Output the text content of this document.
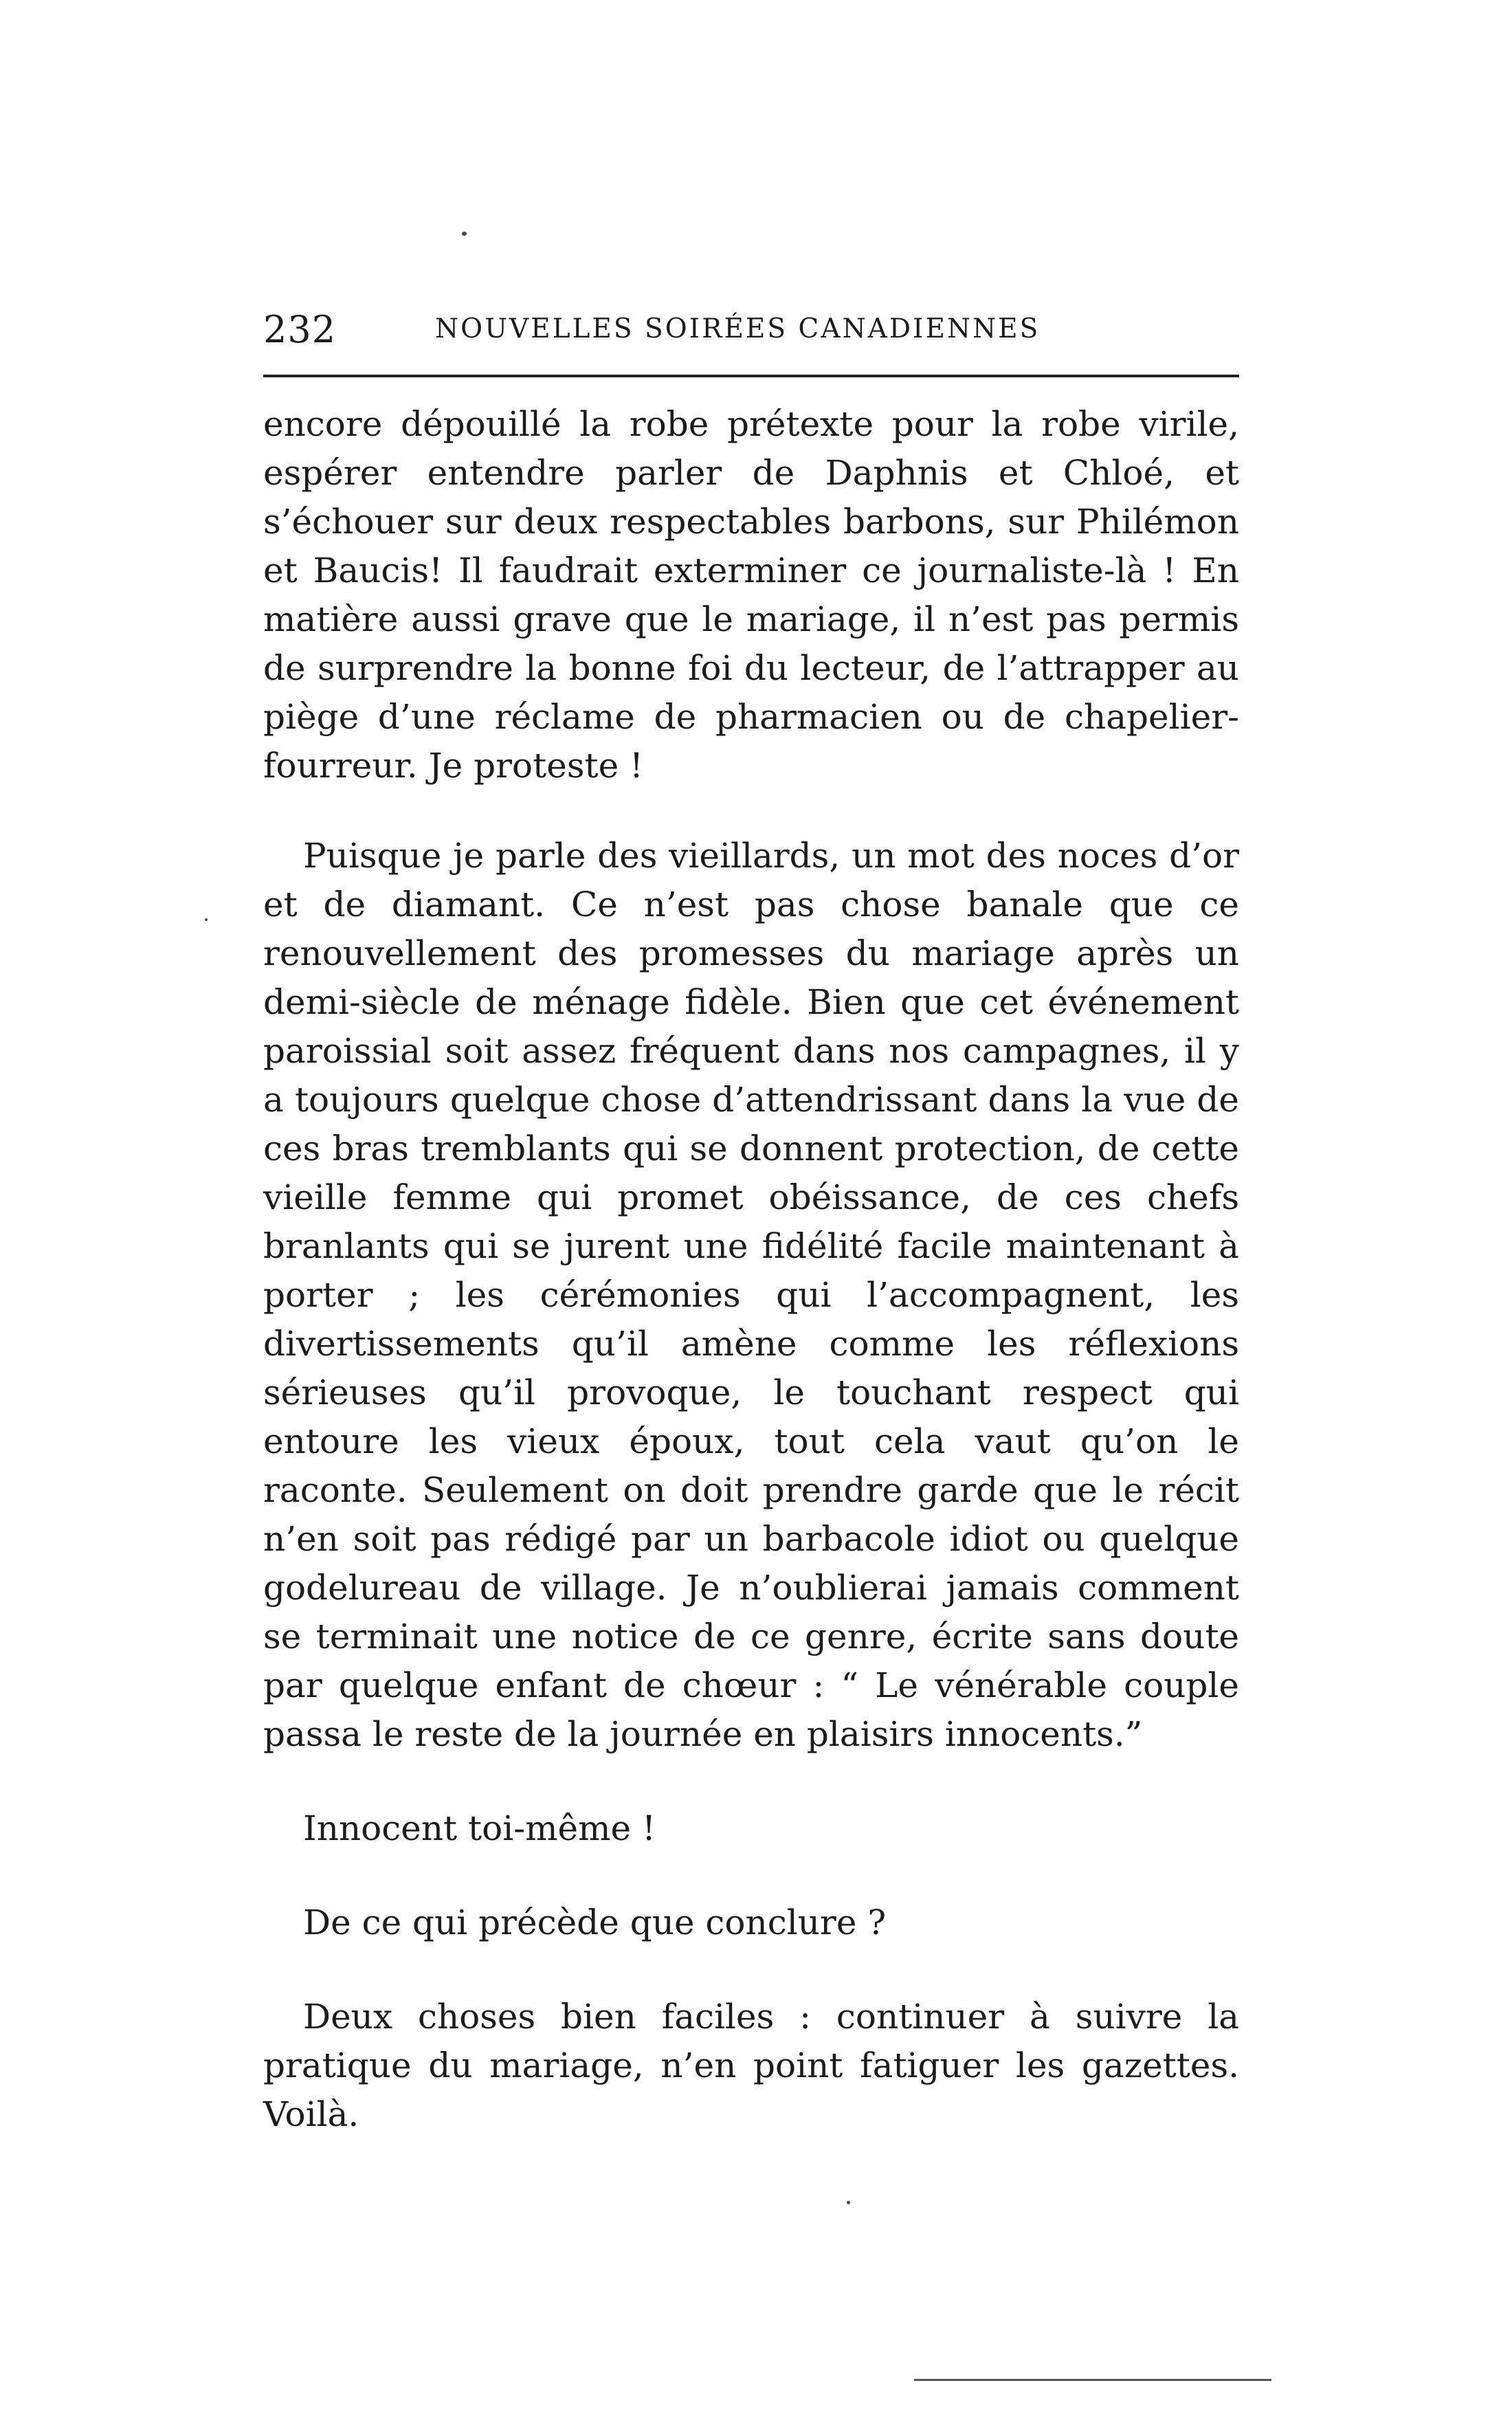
232	NOUVELLES SOIRÉES CANADIENNES

encore dépouillé la robe prétexte pour la robe virile, espérer entendre parler de Daphnis et Chloé, et s’échouer sur deux respectables barbons, sur Philémon et Baucis! Il faudrait exterminer ce journaliste-là ! En matière aussi grave que le mariage, il n’est pas permis de surprendre la bonne foi du lecteur, de l’attrapper au piège d’une réclame de pharmacien ou de chapelier-fourreur. Je proteste !

Puisque je parle des vieillards, un mot des noces d’or et de diamant. Ce n’est pas chose banale que ce renouvellement des promesses du mariage après un demi-siècle de ménage fidèle. Bien que cet événement paroissial soit assez fréquent dans nos campagnes, il y a toujours quelque chose d’attendrissant dans la vue de ces bras tremblants qui se donnent protection, de cette vieille femme qui promet obéissance, de ces chefs branlants qui se jurent une fidélité facile maintenant à porter ; les cérémonies qui l’accompagnent, les divertissements qu’il amène comme les réflexions sérieuses qu’il provoque, le touchant respect qui entoure les vieux époux, tout cela vaut qu’on le raconte. Seulement on doit prendre garde que le récit n’en soit pas rédigé par un barbacole idiot ou quelque godelureau de village. Je n’oublierai jamais comment se terminait une notice de ce genre, écrite sans doute par quelque enfant de chœur : “ Le vénérable couple passa le reste de la journée en plaisirs innocents.”

Innocent toi-même !

De ce qui précède que conclure ?

Deux choses bien faciles : continuer à suivre la pratique du mariage, n’en point fatiguer les gazettes. Voilà.
